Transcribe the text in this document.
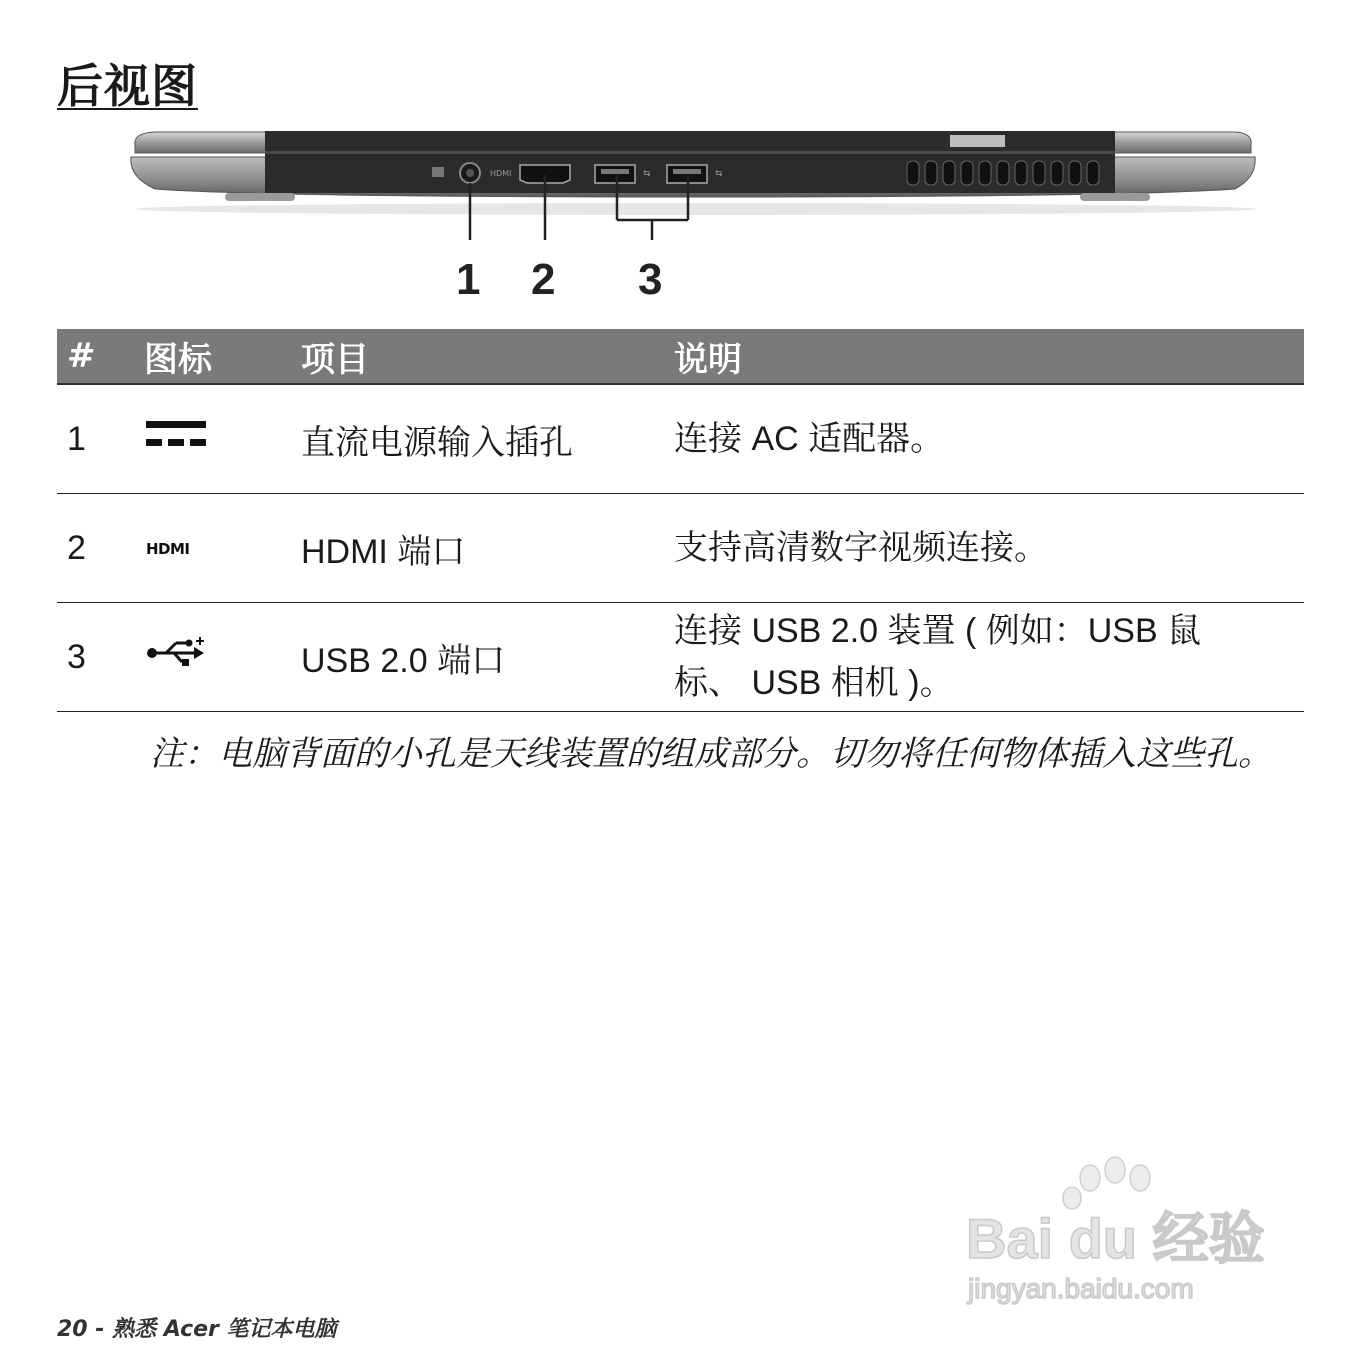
后视图
HDMI	⇆	⇆
1 2 3
#	图标	项目	说明
1		直流电源输入插孔	连接 AC 适配器。

2	HDMI	HDMI 端口	支持高清数字视频连接。

3		USB 2.0 端口	连接 USB 2.0 装置 ( 例如：USB 鼠
标、 USB 相机 )。
注：电脑背面的小孔是天线装置的组成部分。切勿将任何物体插入这些孔。
20 - 熟悉 Acer 笔记本电脑
Bai du 经验
jingyan.baidu.com
